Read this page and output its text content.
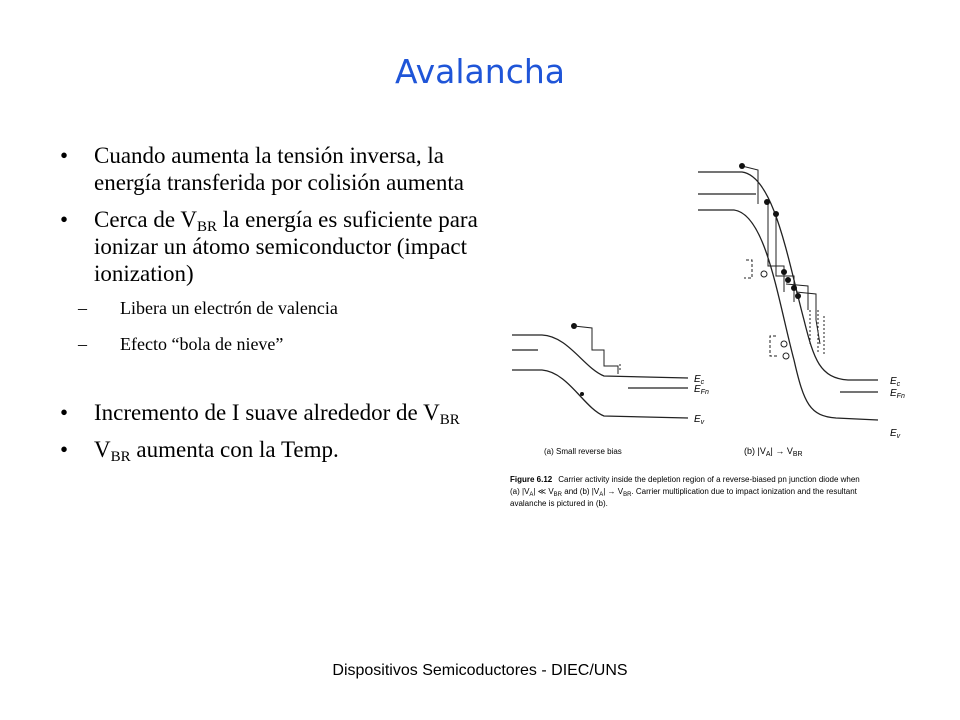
Avalancha
• Cuando aumenta la tensión inversa, la energía transferida por colisión aumenta
• Cerca de $V_{BR}$ la energía es suficiente para ionizar un átomo semiconductor (impact ionization)
– Libera un electrón de valencia
– Efecto “bola de nieve”
• Incremento de I suave alrededor de $V_{BR}$
• $V_{BR}$ aumenta con la Temp.
$E_c$
$E_{Fn}$
$E_v$
$E_c$
$E_{Fn}$
$E_v$
(a) Small reverse bias	(b) $|V_A| \to V_{BR}$
Figure 6.12 Carrier activity inside the depletion region of a reverse-biased pn junction diode when
(a) $|V_A|$ ≪ $V_{BR}$ and (b) $|V_A| \to V_{BR}$. Carrier multiplication due to impact ionization and the resultant
avalanche is pictured in (b).
Dispositivos Semicoductores - DIEC/UNS
